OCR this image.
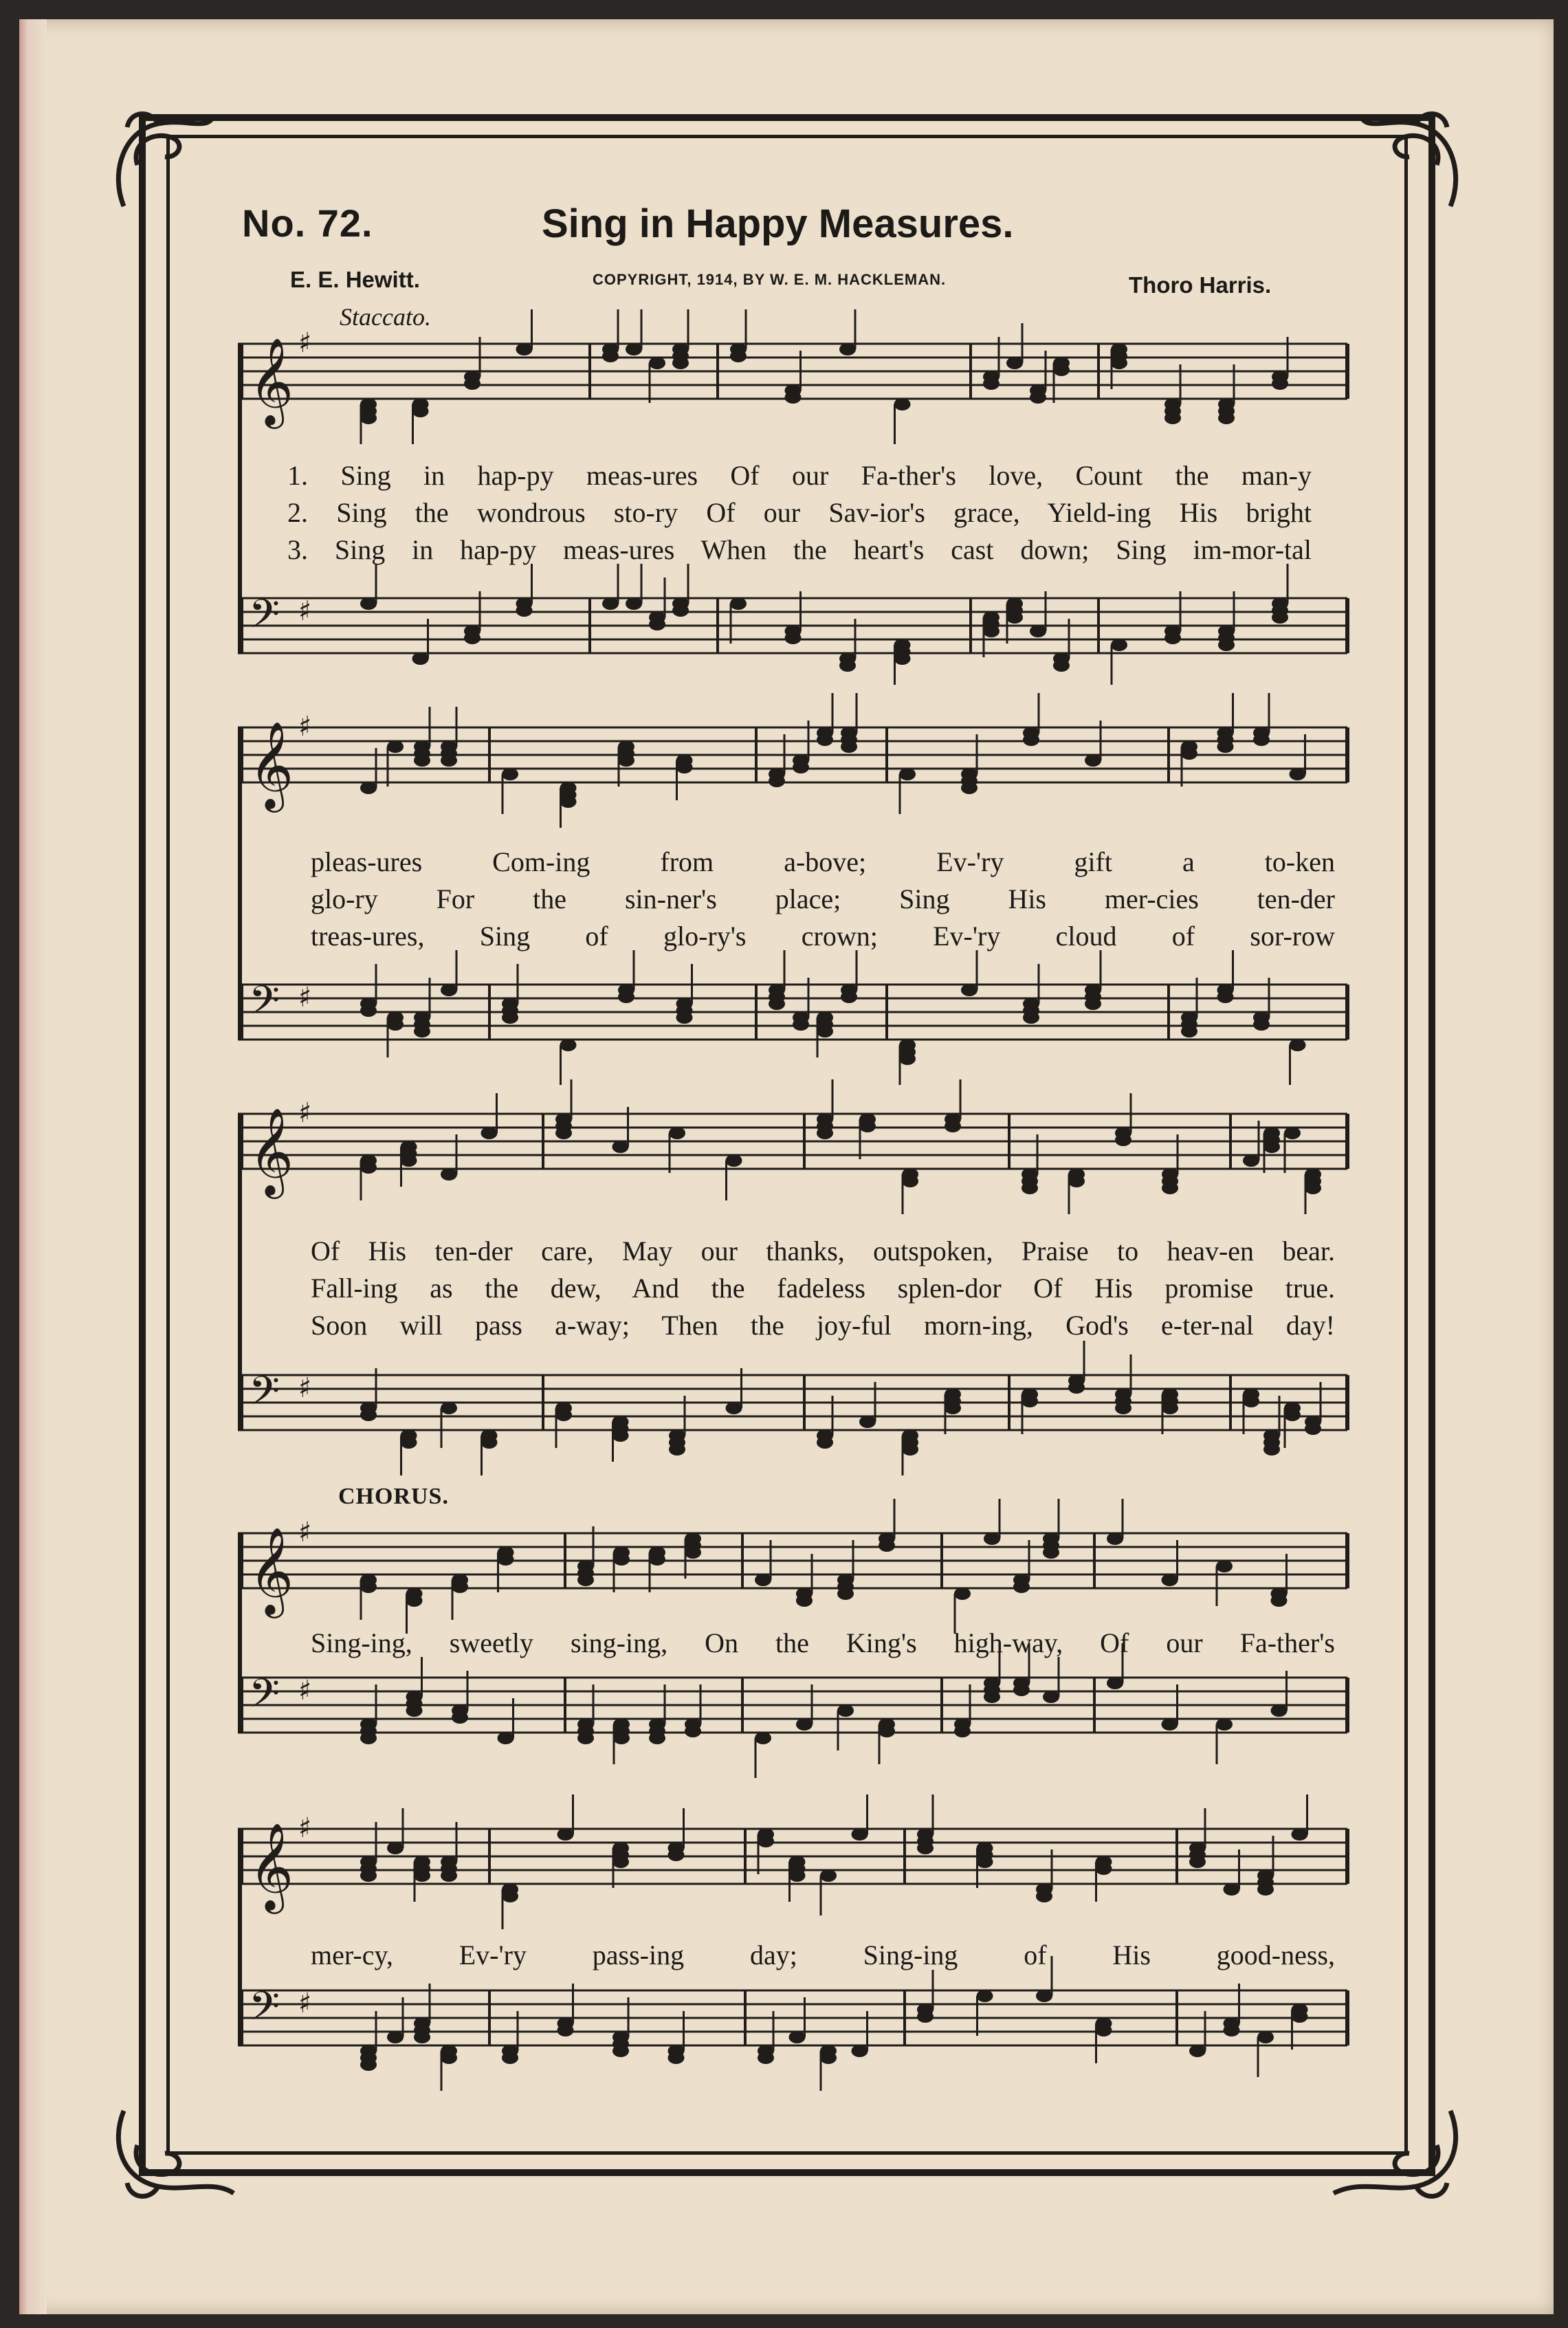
No. 72.	Sing in Happy Measures.
E. E. Hewitt.	COPYRIGHT, 1914, BY W. E. M. HACKLEMAN.	Thoro Harris.
Staccato.
CHORUS.
𝄞 ♯
𝄢 ♯
1. Sing in hap-py meas-ures Of our Fa-ther's love, Count the man-y
2. Sing the wondrous sto-ry Of our Sav-ior's grace, Yield-ing His bright
3. Sing in hap-py meas-ures When the heart's cast down; Sing im-mor-tal
𝄞 ♯
𝄢 ♯
pleas-ures Com-ing from a-bove; Ev-'ry gift a to-ken
glo-ry For the sin-ner's place; Sing His mer-cies ten-der
treas-ures, Sing of glo-ry's crown; Ev-'ry cloud of sor-row
𝄞 ♯
𝄢 ♯
Of His ten-der care, May our thanks, outspoken, Praise to heav-en bear.
Fall-ing as the dew, And the fadeless splen-dor Of His promise true.
Soon will pass a-way; Then the joy-ful morn-ing, God's e-ter-nal day!
𝄞 ♯
𝄢 ♯
Sing-ing, sweetly sing-ing, On the King's high-way, Of our Fa-ther's
𝄞 ♯
𝄢 ♯
mer-cy, Ev-'ry pass-ing day; Sing-ing of His good-ness,
